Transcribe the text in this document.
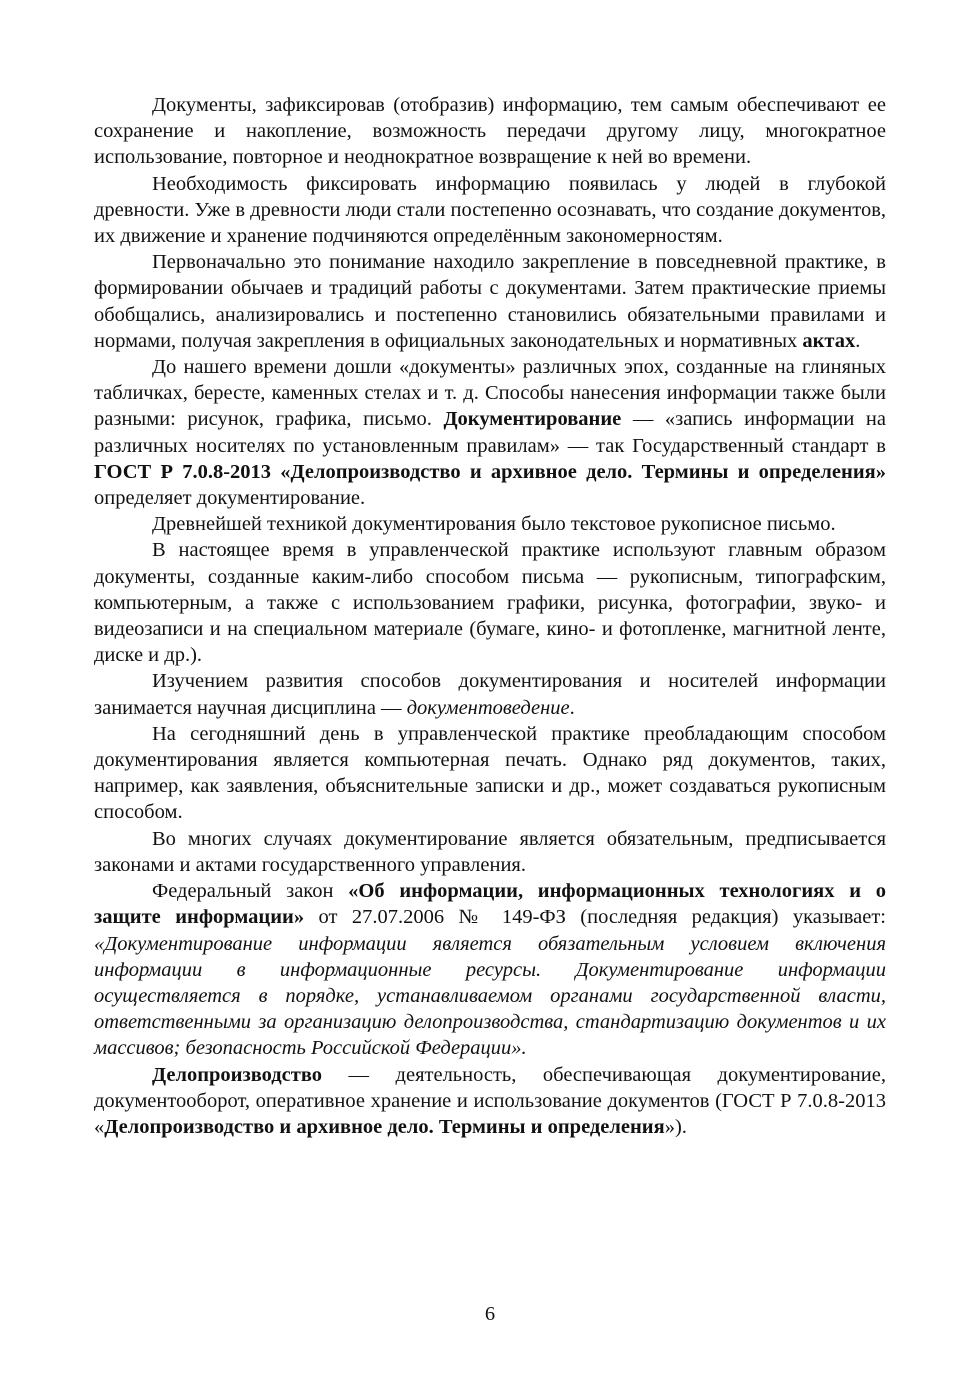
Документы, зафиксировав (отобразив) информацию, тем самым обеспечивают ее сохранение и накопление, возможность передачи другому лицу, многократное использование, повторное и неоднократное возвращение к ней во времени.

Необходимость фиксировать информацию появилась у людей в глубокой древности. Уже в древности люди стали постепенно осознавать, что создание документов, их движение и хранение подчиняются определённым закономерностям.

Первоначально это понимание находило закрепление в повседневной практике, в формировании обычаев и традиций работы с документами. Затем практические приемы обобщались, анализировались и постепенно становились обязательными правилами и нормами, получая закрепления в официальных законодательных и нормативных актах.

До нашего времени дошли «документы» различных эпох, созданные на глиняных табличках, бересте, каменных стелах и т. д. Способы нанесения информации также были разными: рисунок, графика, письмо. Документирование — «запись информации на различных носителях по установленным правилам» — так Государственный стандарт в ГОСТ Р 7.0.8-2013 «Делопроизводство и архивное дело. Термины и определения» определяет документирование.

Древнейшей техникой документирования было текстовое рукописное письмо.

В настоящее время в управленческой практике используют главным образом документы, созданные каким-либо способом письма — рукописным, типографским, компьютерным, а также с использованием графики, рисунка, фотографии, звуко- и видеозаписи и на специальном материале (бумаге, кино- и фотопленке, магнитной ленте, диске и др.).

Изучением развития способов документирования и носителей информации занимается научная дисциплина — документоведение.

На сегодняшний день в управленческой практике преобладающим способом документирования является компьютерная печать. Однако ряд документов, таких, например, как заявления, объяснительные записки и др., может создаваться рукописным способом.

Во многих случаях документирование является обязательным, предписывается законами и актами государственного управления.

Федеральный закон «Об информации, информационных технологиях и о защите информации» от 27.07.2006 № 149-ФЗ (последняя редакция) указывает: «Документирование информации является обязательным условием включения информации в информационные ресурсы. Документирование информации осуществляется в порядке, устанавливаемом органами государственной власти, ответственными за организацию делопроизводства, стандартизацию документов и их массивов; безопасность Российской Федерации».

Делопроизводство — деятельность, обеспечивающая документирование, документооборот, оперативное хранение и использование документов (ГОСТ Р 7.0.8-2013 «Делопроизводство и архивное дело. Термины и определения»).

6
